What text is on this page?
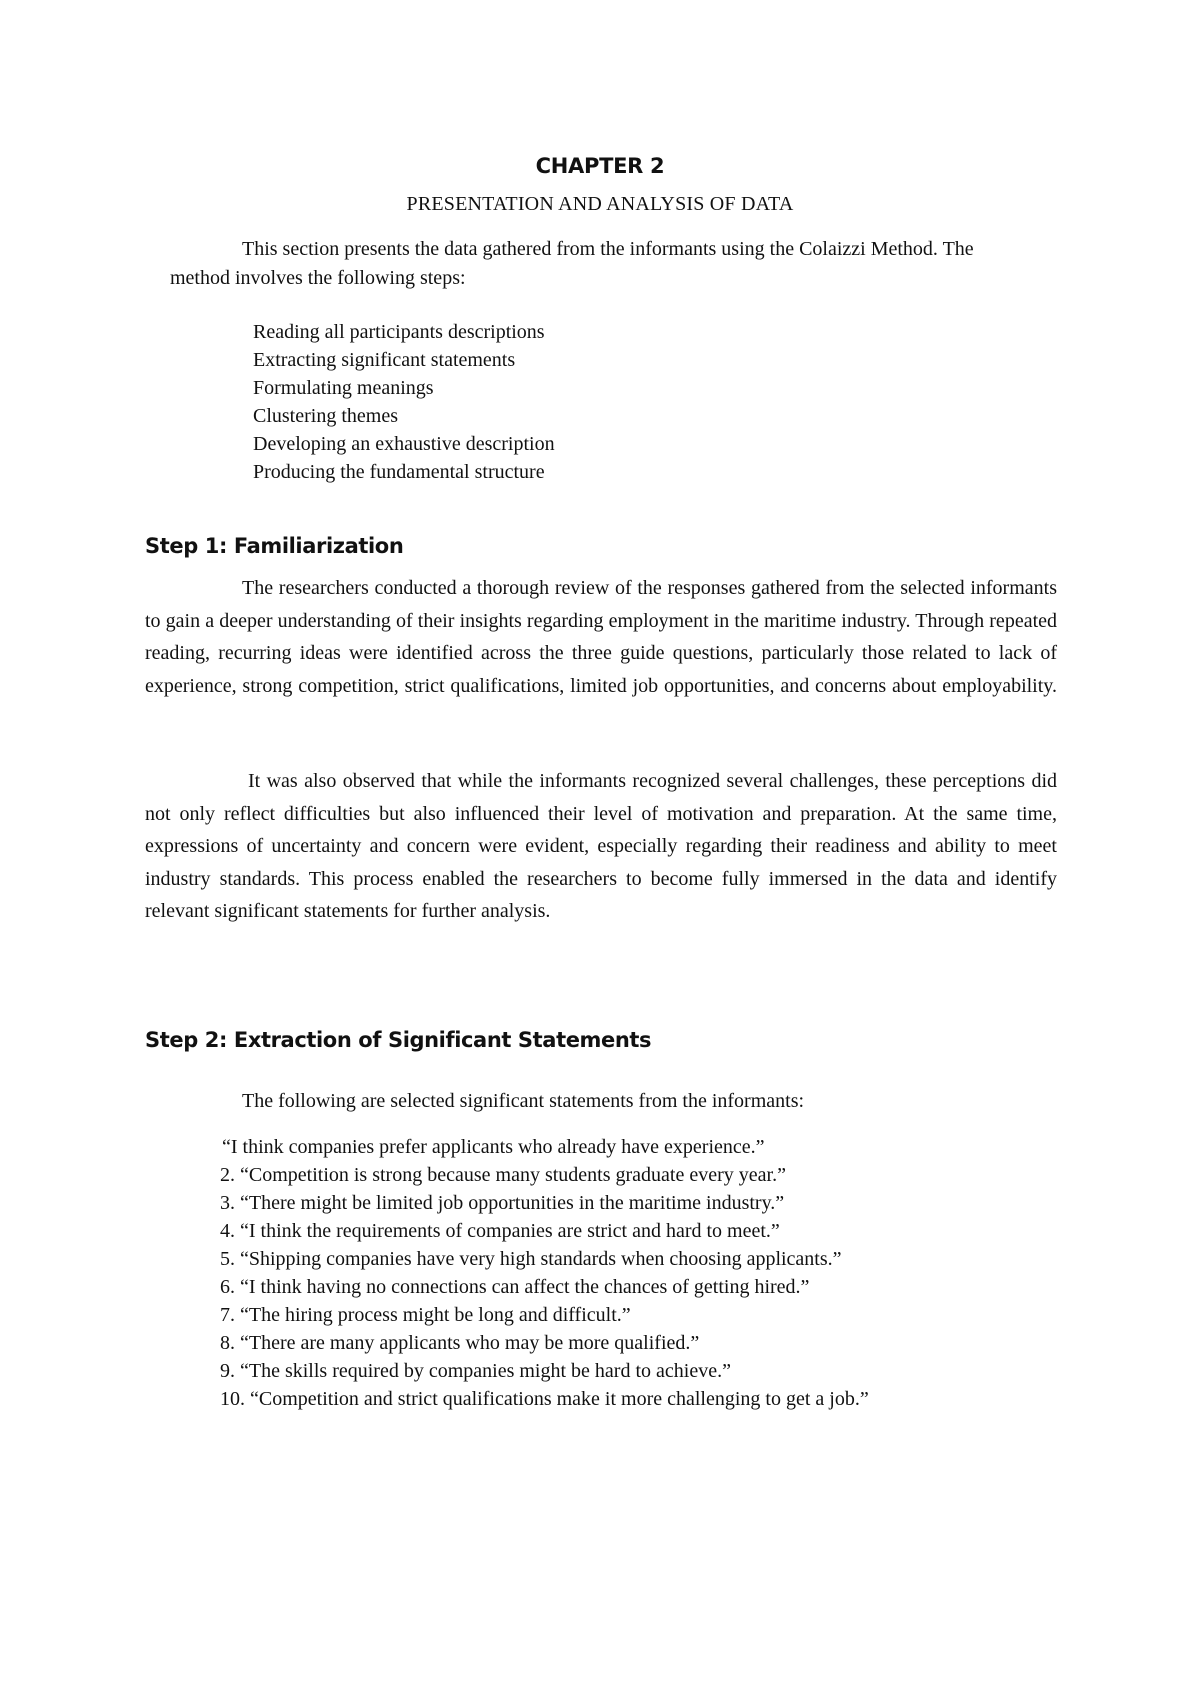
CHAPTER 2
PRESENTATION AND ANALYSIS OF DATA

This section presents the data gathered from the informants using the Colaizzi Method. The method involves the following steps:

Reading all participants descriptions
Extracting significant statements
Formulating meanings
Clustering themes
Developing an exhaustive description
Producing the fundamental structure
Step 1: Familiarization

The researchers conducted a thorough review of the responses gathered from the selected informants to gain a deeper understanding of their insights regarding employment in the maritime industry. Through repeated reading, recurring ideas were identified across the three guide questions, particularly those related to lack of experience, strong competition, strict qualifications, limited job opportunities, and concerns about employability.

It was also observed that while the informants recognized several challenges, these perceptions did not only reflect difficulties but also influenced their level of motivation and preparation. At the same time, expressions of uncertainty and concern were evident, especially regarding their readiness and ability to meet industry standards. This process enabled the researchers to become fully immersed in the data and identify relevant significant statements for further analysis.

Step 2: Extraction of Significant Statements

The following are selected significant statements from the informants:

“I think companies prefer applicants who already have experience.”
2. “Competition is strong because many students graduate every year.”
3. “There might be limited job opportunities in the maritime industry.”
4. “I think the requirements of companies are strict and hard to meet.”
5. “Shipping companies have very high standards when choosing applicants.”
6. “I think having no connections can affect the chances of getting hired.”
7. “The hiring process might be long and difficult.”
8. “There are many applicants who may be more qualified.”
9. “The skills required by companies might be hard to achieve.”
10. “Competition and strict qualifications make it more challenging to get a job.”
